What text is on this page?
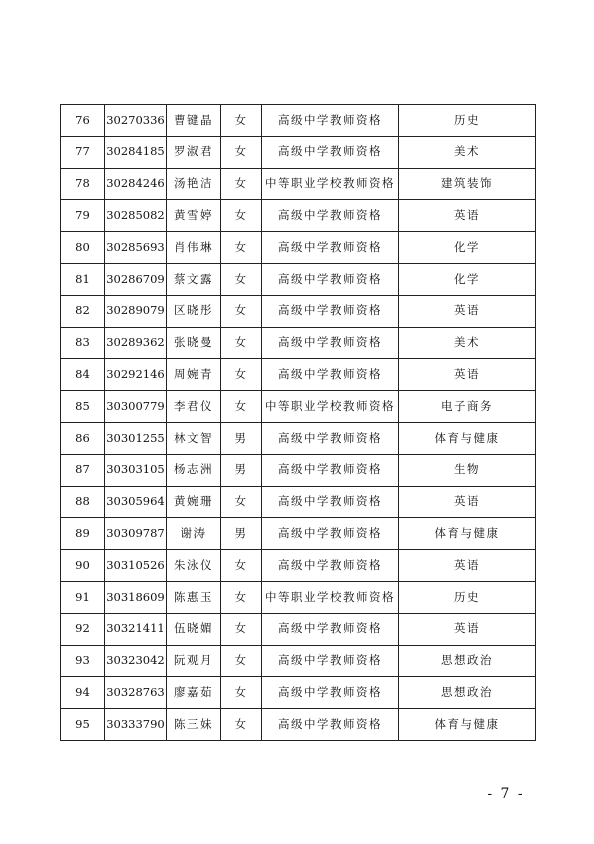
76	30270336	曹键晶	女	高级中学教师资格	历史
77	30284185	罗淑君	女	高级中学教师资格	美术
78	30284246	汤艳洁	女	中等职业学校教师资格	建筑装饰
79	30285082	黄雪婷	女	高级中学教师资格	英语
80	30285693	肖伟琳	女	高级中学教师资格	化学
81	30286709	蔡文露	女	高级中学教师资格	化学
82	30289079	区晓彤	女	高级中学教师资格	英语
83	30289362	张晓曼	女	高级中学教师资格	美术
84	30292146	周婉青	女	高级中学教师资格	英语
85	30300779	李君仪	女	中等职业学校教师资格	电子商务
86	30301255	林文智	男	高级中学教师资格	体育与健康
87	30303105	杨志洲	男	高级中学教师资格	生物
88	30305964	黄婉珊	女	高级中学教师资格	英语
89	30309787	谢涛	男	高级中学教师资格	体育与健康
90	30310526	朱泳仪	女	高级中学教师资格	英语
91	30318609	陈惠玉	女	中等职业学校教师资格	历史
92	30321411	伍晓媚	女	高级中学教师资格	英语
93	30323042	阮观月	女	高级中学教师资格	思想政治
94	30328763	廖嘉茹	女	高级中学教师资格	思想政治
95	30333790	陈三妹	女	高级中学教师资格	体育与健康
- 7 -
